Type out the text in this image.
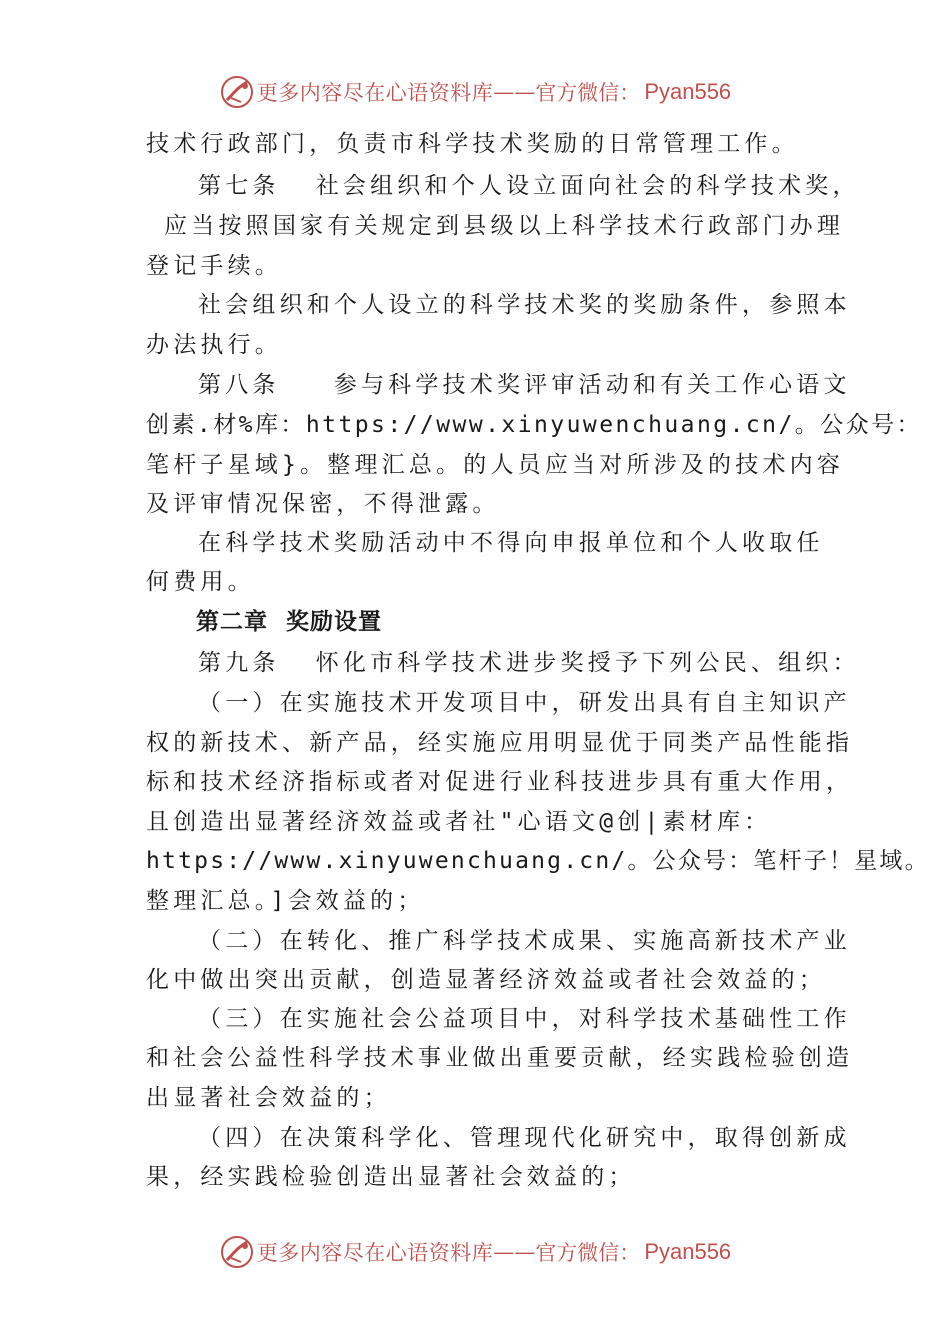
更多内容尽在心语资料库 —— 官方微信： Pyan556
技术行政部门，负责市科学技术奖励的日常管理工作。
第七条  社会组织和个人设立面向社会的科学技术奖，
应当按照国家有关规定到县级以上科学技术行政部门办理
登记手续。
社会组织和个人设立的科学技术奖的奖励条件，参照本
办法执行。
第八条   参与科学技术奖评审活动和有关工作心语文
创素.材%库：https://www.xinyuwenchuang.cn/。公众号：
笔杆子星域}。整理汇总。的人员应当对所涉及的技术内容
及评审情况保密，不得泄露。
在科学技术奖励活动中不得向申报单位和个人收取任
何费用。
第二章  奖励设置
第九条  怀化市科学技术进步奖授予下列公民、组织：
（一）在实施技术开发项目中，研发出具有自主知识产
权的新技术、新产品，经实施应用明显优于同类产品性能指
标和技术经济指标或者对促进行业科技进步具有重大作用，
且创造出显著经济效益或者社"心语文@创|素材库：
https://www.xinyuwenchuang.cn/。公众号：笔杆子！星域。
整理汇总。]会效益的；
（二）在转化、推广科学技术成果、实施高新技术产业
化中做出突出贡献，创造显著经济效益或者社会效益的；
（三）在实施社会公益项目中，对科学技术基础性工作
和社会公益性科学技术事业做出重要贡献，经实践检验创造
出显著社会效益的；
（四）在决策科学化、管理现代化研究中，取得创新成
果，经实践检验创造出显著社会效益的；
更多内容尽在心语资料库 —— 官方微信： Pyan556
